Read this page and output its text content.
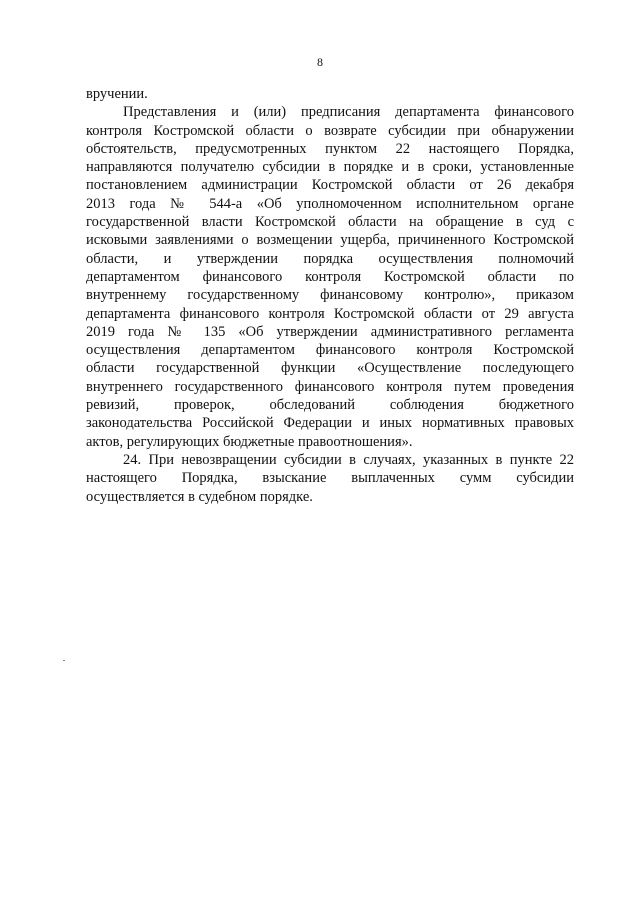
8
вручении.
Представления и (или) предписания департамента финансового
контроля Костромской области о возврате субсидии при обнаружении
обстоятельств, предусмотренных пунктом 22 настоящего Порядка,
направляются получателю субсидии в порядке и в сроки, установленные
постановлением администрации Костромской области от 26 декабря
2013 года № 544-а «Об уполномоченном исполнительном органе
государственной власти Костромской области на обращение в суд с
исковыми заявлениями о возмещении ущерба, причиненного Костромской
области, и утверждении порядка осуществления полномочий
департаментом финансового контроля Костромской области по
внутреннему государственному финансовому контролю», приказом
департамента финансового контроля Костромской области от 29 августа
2019 года № 135 «Об утверждении административного регламента
осуществления департаментом финансового контроля Костромской
области государственной функции «Осуществление последующего
внутреннего государственного финансового контроля путем проведения
ревизий, проверок, обследований соблюдения бюджетного
законодательства Российской Федерации и иных нормативных правовых
актов, регулирующих бюджетные правоотношения».
24. При невозвращении субсидии в случаях, указанных в пункте 22
настоящего Порядка, взыскание выплаченных сумм субсидии
осуществляется в судебном порядке.
